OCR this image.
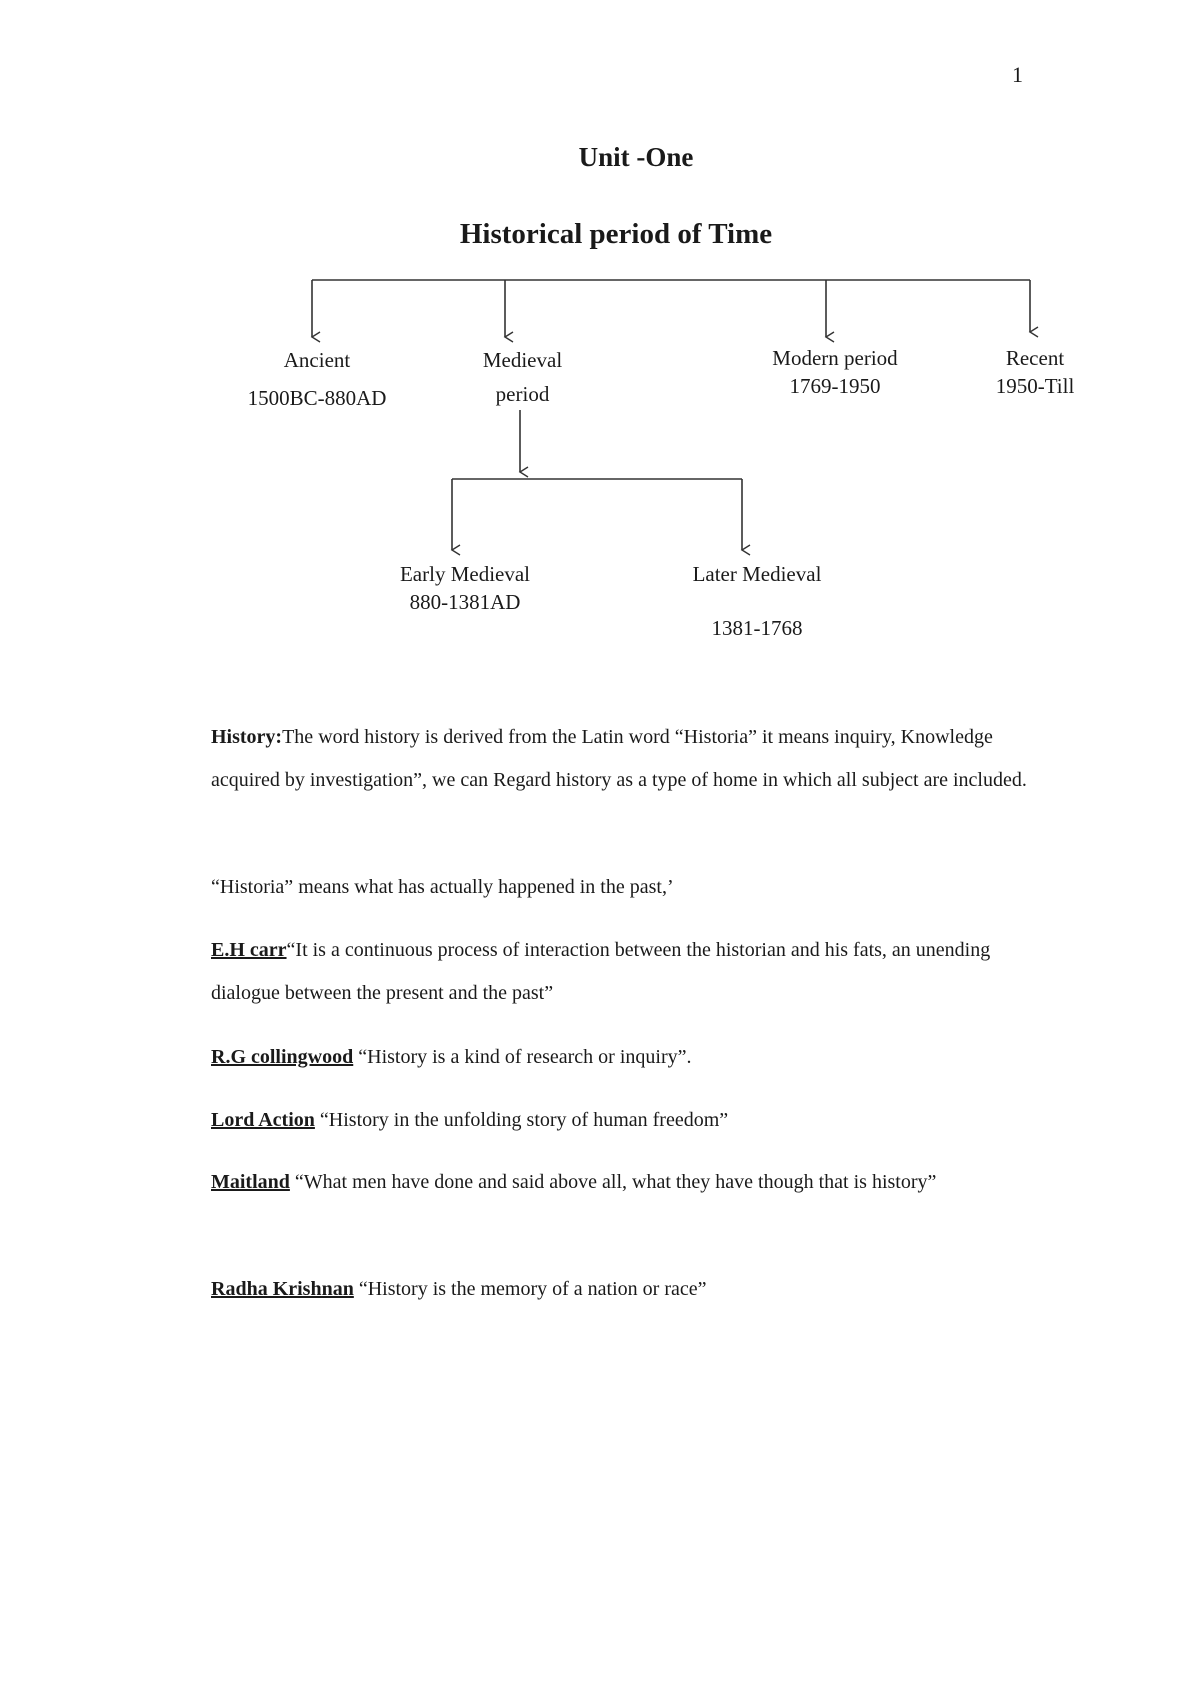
1
Unit -One
Historical period of Time
Ancient
1500BC-880AD
Medieval
period
Modern period
1769-1950
Recent
1950-Till
Early Medieval
880-1381AD
Later Medieval
1381-1768

History:The word history is derived from the Latin word “Historia” it means inquiry, Knowledge acquired by investigation”, we can Regard history as a type of home in which all subject are included.

“Historia” means what has actually happened in the past,’

E.H carr“It is a continuous process of interaction between the historian and his fats, an unending dialogue between the present and the past”

R.G collingwood “History is a kind of research or inquiry”.

Lord Action “History in the unfolding story of human freedom”

Maitland “What men have done and said above all, what they have though that is history”

Radha Krishnan “History is the memory of a nation or race”
